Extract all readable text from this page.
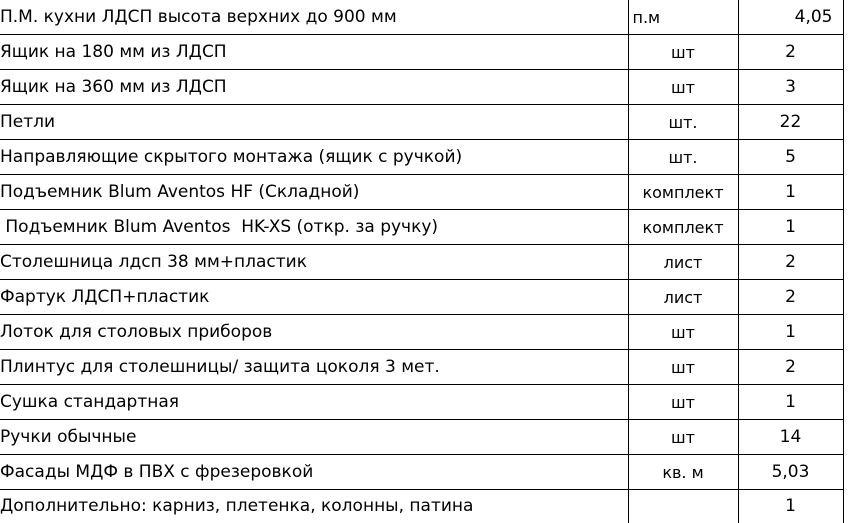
П.М. кухни ЛДСП высота верхних до 900 мм	п.м	4,05
Ящик на 180 мм из ЛДСП	шт	2
Ящик на 360 мм из ЛДСП	шт	3
Петли	шт.	22
Направляющие скрытого монтажа (ящик с ручкой)	шт.	5
Подъемник Blum Aventos HF (Складной)	комплект	1
Подъемник Blum Aventos  HK-XS (откр. за ручку)	комплект	1
Столешница лдсп 38 мм+пластик	лист	2
Фартук ЛДСП+пластик	лист	2
Лоток для столовых приборов	шт	1
Плинтус для столешницы/ защита цоколя 3 мет.	шт	2
Сушка стандартная	шт	1
Ручки обычные	шт	14
Фасады МДФ в ПВХ с фрезеровкой	кв. м	5,03
Дополнительно: карниз, плетенка, колонны, патина		1
